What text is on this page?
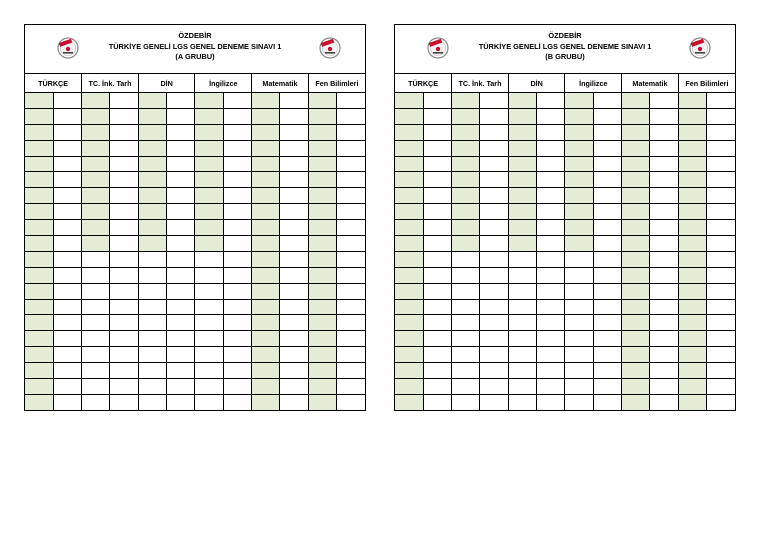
ÖZDEBİR
TÜRKİYE GENELİ LGS GENEL DENEME SINAVI 1
(A GRUBU)
TÜRKÇE		TC. İnk. Tarh		DİN		İngilizce		Matematik		Fen Bilimleri	

ÖZDEBİR
TÜRKİYE GENELİ LGS GENEL DENEME SINAVI 1
(B GRUBU)
TÜRKÇE		TC. İnk. Tarh		DİN		İngilizce		Matematik		Fen Bilimleri	
